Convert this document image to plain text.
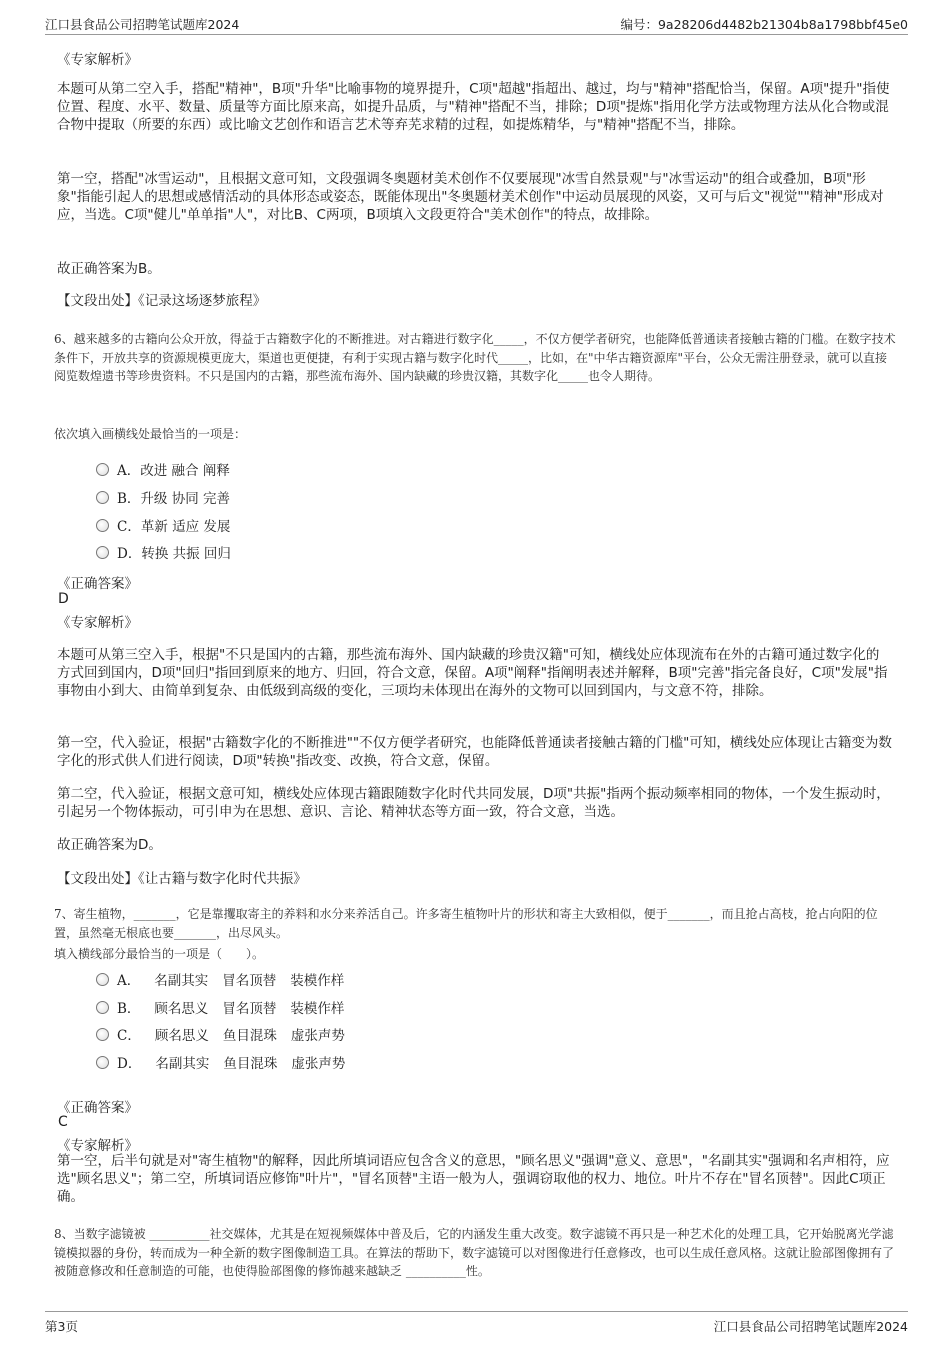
江口县食品公司招聘笔试题库2024	编号：9a28206d4482b21304b8a1798bbf45e0
《专家解析》

本题可从第二空入手，搭配"精神"，B项"升华"比喻事物的境界提升，C项"超越"指超出、越过，均与"精神"搭配恰当，保留。A项"提升"指使位置、程度、水平、数量、质量等方面比原来高，如提升品质，与"精神"搭配不当，排除；D项"提炼"指用化学方法或物理方法从化合物或混合物中提取（所要的东西）或比喻文艺创作和语言艺术等弃芜求精的过程，如提炼精华，与"精神"搭配不当，排除。

第一空，搭配"冰雪运动"，且根据文意可知，文段强调冬奥题材美术创作不仅要展现"冰雪自然景观"与"冰雪运动"的组合或叠加，B项"形象"指能引起人的思想或感情活动的具体形态或姿态，既能体现出"冬奥题材美术创作"中运动员展现的风姿，又可与后文"视觉""精神"形成对应，当选。C项"健儿"单单指"人"，对比B、C两项，B项填入文段更符合"美术创作"的特点，故排除。

故正确答案为B。

【文段出处】《记录这场逐梦旅程》

6、越来越多的古籍向公众开放，得益于古籍数字化的不断推进。对古籍进行数字化_____，不仅方便学者研究，也能降低普通读者接触古籍的门槛。在数字技术条件下，开放共享的资源规模更庞大，渠道也更便捷，有利于实现古籍与数字化时代_____，比如，在"中华古籍资源库"平台，公众无需注册登录，就可以直接阅览数煌遗书等珍贵资料。不只是国内的古籍，那些流布海外、国内缺藏的珍贵汉籍，其数字化_____也令人期待。

依次填入画横线处最恰当的一项是：

A．改进 融合 阐释
B．升级 协同 完善
C．革新 适应 发展
D．转换 共振 回归
《正确答案》
D
《专家解析》

本题可从第三空入手，根据"不只是国内的古籍，那些流布海外、国内缺藏的珍贵汉籍"可知，横线处应体现流布在外的古籍可通过数字化的方式回到国内，D项"回归"指回到原来的地方、归回，符合文意，保留。A项"阐释"指阐明表述并解释，B项"完善"指完备良好，C项"发展"指事物由小到大、由简单到复杂、由低级到高级的变化，三项均未体现出在海外的文物可以回到国内，与文意不符，排除。

第一空，代入验证，根据"古籍数字化的不断推进""不仅方便学者研究，也能降低普通读者接触古籍的门槛"可知，横线处应体现让古籍变为数字化的形式供人们进行阅读，D项"转换"指改变、改换，符合文意，保留。

第二空，代入验证，根据文意可知，横线处应体现古籍跟随数字化时代共同发展，D项"共振"指两个振动频率相同的物体，一个发生振动时，引起另一个物体振动，可引申为在思想、意识、言论、精神状态等方面一致，符合文意，当选。

故正确答案为D。

【文段出处】《让古籍与数字化时代共振》

7、寄生植物，_______，它是靠攫取寄主的养料和水分来养活自己。许多寄生植物叶片的形状和寄主大致相似，便于_______，而且抢占高枝，抢占向阳的位置，虽然毫无根底也要_______，出尽风头。

填入横线部分最恰当的一项是（　　）。

A． 名副其实 冒名顶替 装模作样
B． 顾名思义 冒名顶替 装模作样
C． 顾名思义 鱼目混珠 虚张声势
D． 名副其实 鱼目混珠 虚张声势
《正确答案》
C
《专家解析》

第一空，后半句就是对"寄生植物"的解释，因此所填词语应包含含义的意思，"顾名思义"强调"意义、意思"，"名副其实"强调和名声相符，应选"顾名思义"；第二空，所填词语应修饰"叶片"，"冒名顶替"主语一般为人，强调窃取他的权力、地位。叶片不存在"冒名顶替"。因此C项正确。

8、当数字滤镜被 __________社交媒体，尤其是在短视频媒体中普及后，它的内涵发生重大改变。数字滤镜不再只是一种艺术化的处理工具，它开始脱离光学滤镜模拟器的身份，转而成为一种全新的数字图像制造工具。在算法的帮助下，数字滤镜可以对图像进行任意修改，也可以生成任意风格。这就让脸部图像拥有了被随意修改和任意制造的可能，也使得脸部图像的修饰越来越缺乏 __________性。

第3页	江口县食品公司招聘笔试题库2024
